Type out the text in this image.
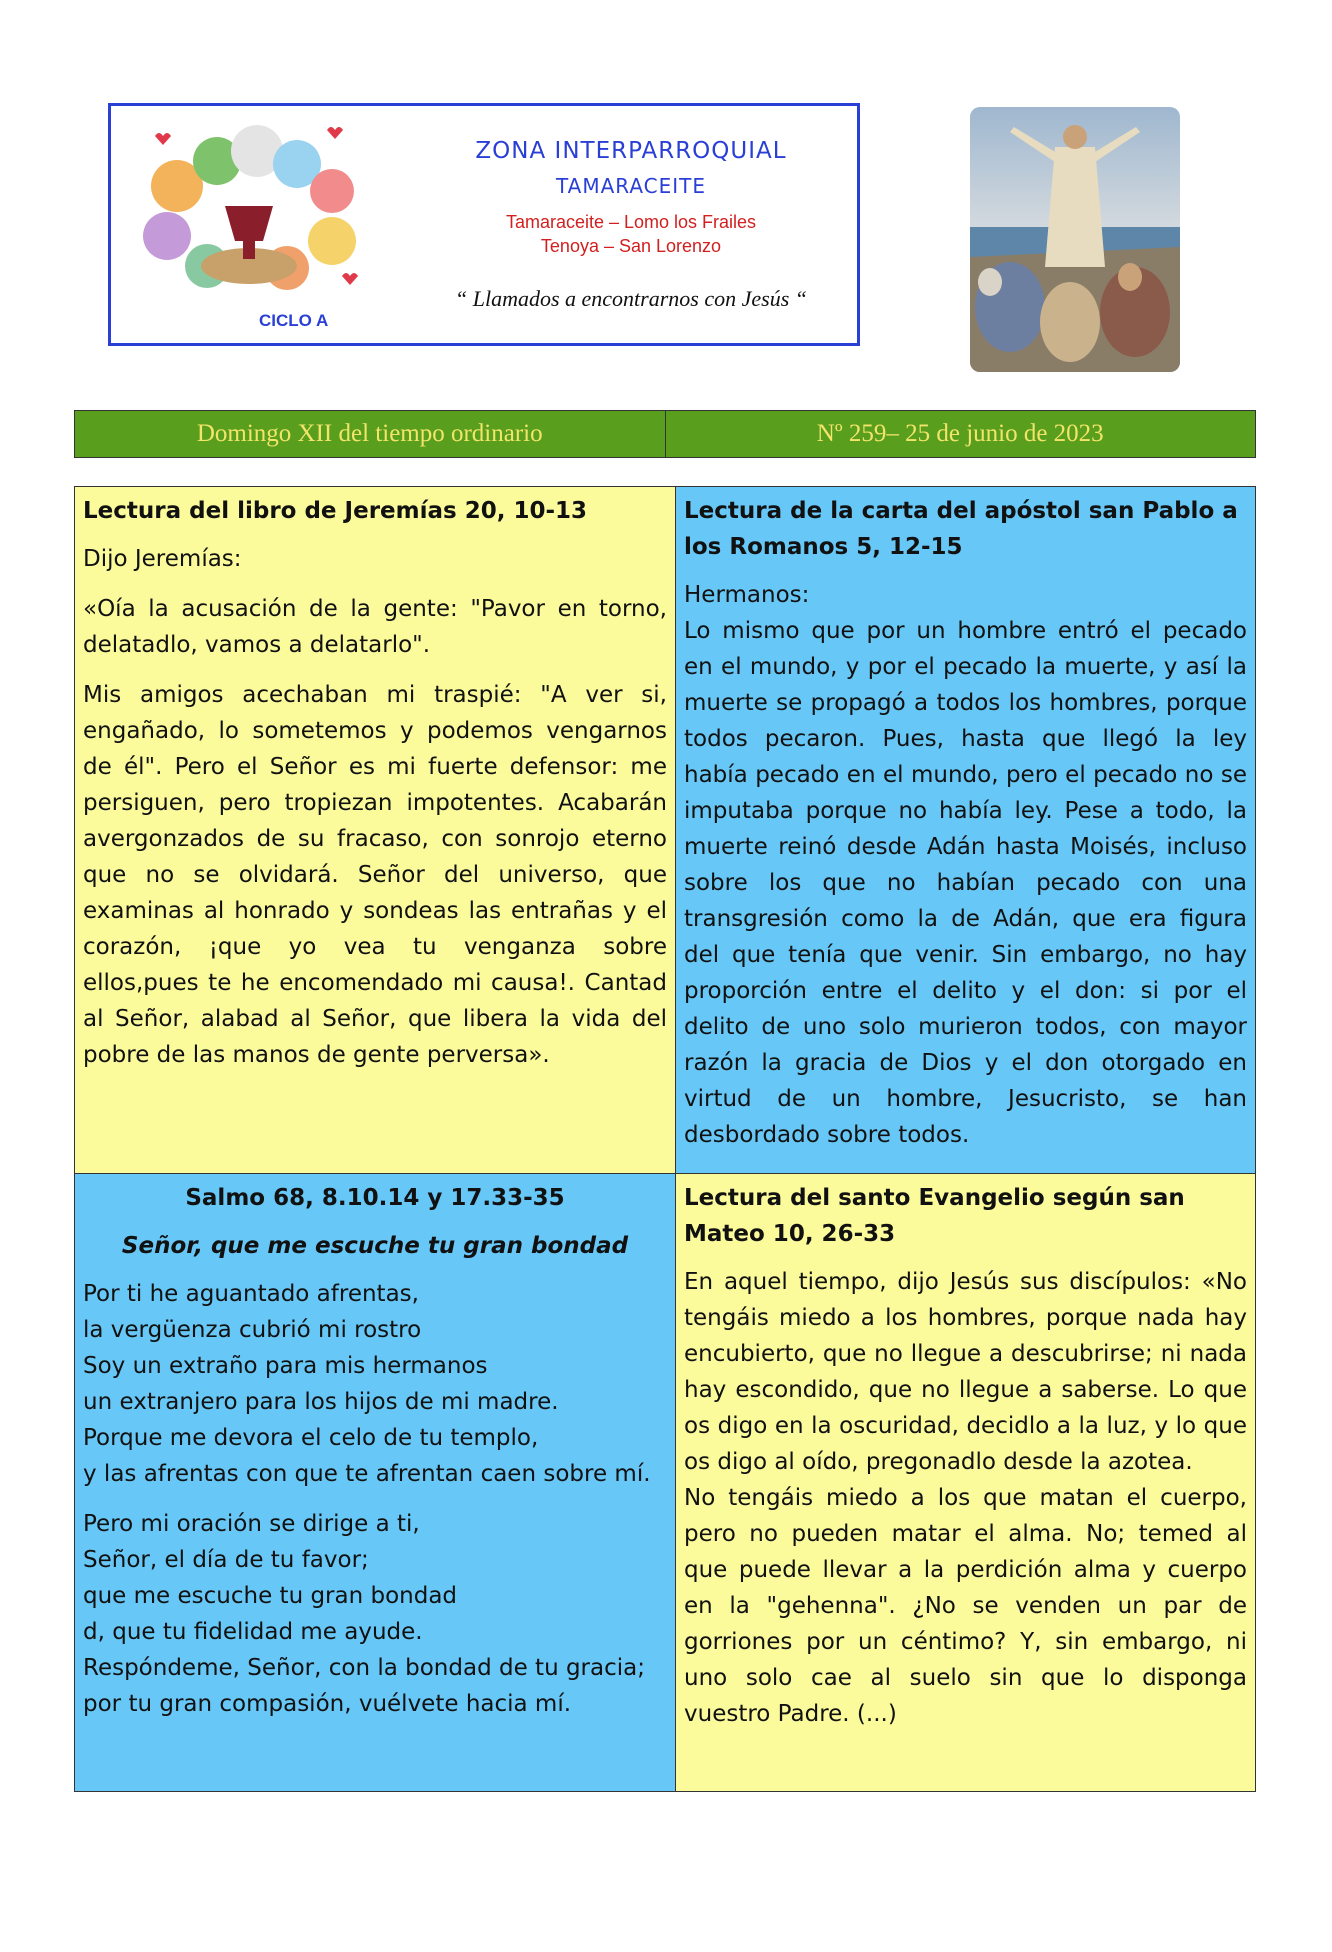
ZONA INTERPARROQUIAL
TAMARACEITE
Tamaraceite – Lomo los Frailes
Tenoya – San Lorenzo
“ Llamados a encontrarnos con Jesús “
CICLO A
Domingo XII del tiempo ordinario	Nº 259– 25 de junio de 2023
Lectura del libro de Jeremías 20, 10-13

Dijo Jeremías:

«Oía la acusación de la gente: "Pavor en torno, delatadlo, vamos a delatarlo".

Mis amigos acechaban mi traspié: "A ver si, engañado, lo sometemos y podemos vengarnos de él". Pero el Señor es mi fuerte defensor: me persiguen, pero tropiezan impotentes. Acabarán avergonzados de su fracaso, con sonrojo eterno que no se olvidará. Señor del universo, que examinas al honrado y sondeas las entrañas y el corazón, ¡que yo vea tu venganza sobre ellos,pues te he encomendado mi causa!. Cantad al Señor, alabad al Señor, que libera la vida del pobre de las manos de gente perversa».

Lectura de la carta del apóstol san Pablo a los Romanos 5, 12-15

Hermanos:

Lo mismo que por un hombre entró el pecado en el mundo, y por el pecado la muerte, y así la muerte se propagó a todos los hombres, porque todos pecaron. Pues, hasta que llegó la ley había pecado en el mundo, pero el pecado no se imputaba porque no había ley. Pese a todo, la muerte reinó desde Adán hasta Moisés, incluso sobre los que no habían pecado con una transgresión como la de Adán, que era figura del que tenía que venir. Sin embargo, no hay proporción entre el delito y el don: si por el delito de uno solo murieron todos, con mayor razón la gracia de Dios y el don otorgado en virtud de un hombre, Jesucristo, se han desbordado sobre todos.

Salmo 68, 8.10.14 y 17.33-35

Señor, que me escuche tu gran bondad

Por ti he aguantado afrentas,
la vergüenza cubrió mi rostro
Soy un extraño para mis hermanos
un extranjero para los hijos de mi madre.
Porque me devora el celo de tu templo,
y las afrentas con que te afrentan caen sobre mí.
Pero mi oración se dirige a ti,
Señor, el día de tu favor;
que me escuche tu gran bondad
d, que tu fidelidad me ayude.
Respóndeme, Señor, con la bondad de tu gracia;
por tu gran compasión, vuélvete hacia mí.
Lectura del santo Evangelio según san Mateo 10, 26-33

En aquel tiempo, dijo Jesús sus discípulos: «No tengáis miedo a los hombres, porque nada hay encubierto, que no llegue a descubrirse; ni nada hay escondido, que no llegue a saberse. Lo que os digo en la oscuridad, decidlo a la luz, y lo que os digo al oído, pregonadlo desde la azotea.

No tengáis miedo a los que matan el cuerpo, pero no pueden matar el alma. No; temed al que puede llevar a la perdición alma y cuerpo en la "gehenna". ¿No se venden un par de gorriones por un céntimo? Y, sin embargo, ni uno solo cae al suelo sin que lo disponga vuestro Padre. (...)
